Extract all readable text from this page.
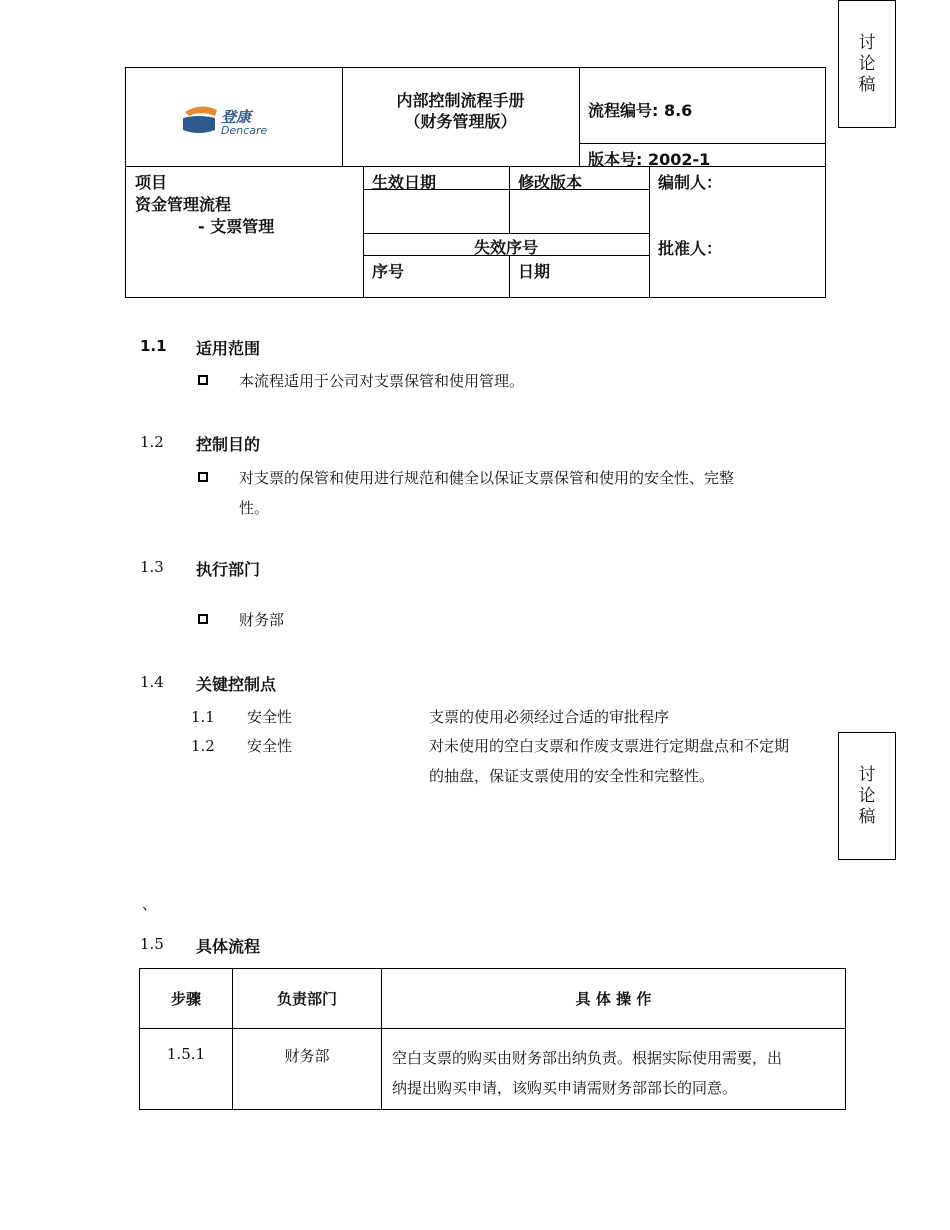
讨
论
稿
讨
论
稿
登康
Dencare
内部控制流程手册
（财务管理版）
流程编号: 8.6
版本号: 2002-1
项目
资金管理流程
- 支票管理
生效日期	修改版本
失效序号
序号	日期
编制人：
批准人：
1.1 适用范围
本流程适用于公司对支票保管和使用管理。
1.2 控制目的
对支票的保管和使用进行规范和健全以保证支票保管和使用的安全性、完整
性。
1.3 执行部门
财务部
1.4 关键控制点
1.1 安全性	支票的使用必须经过合适的审批程序
1.2 安全性	对未使用的空白支票和作废支票进行定期盘点和不定期
的抽盘，保证支票使用的安全性和完整性。
、
1.5 具体流程
步骤	负责部门	具 体 操 作
1.5.1	财务部	空白支票的购买由财务部出纳负责。根据实际使用需要，出
纳提出购买申请，该购买申请需财务部部长的同意。
